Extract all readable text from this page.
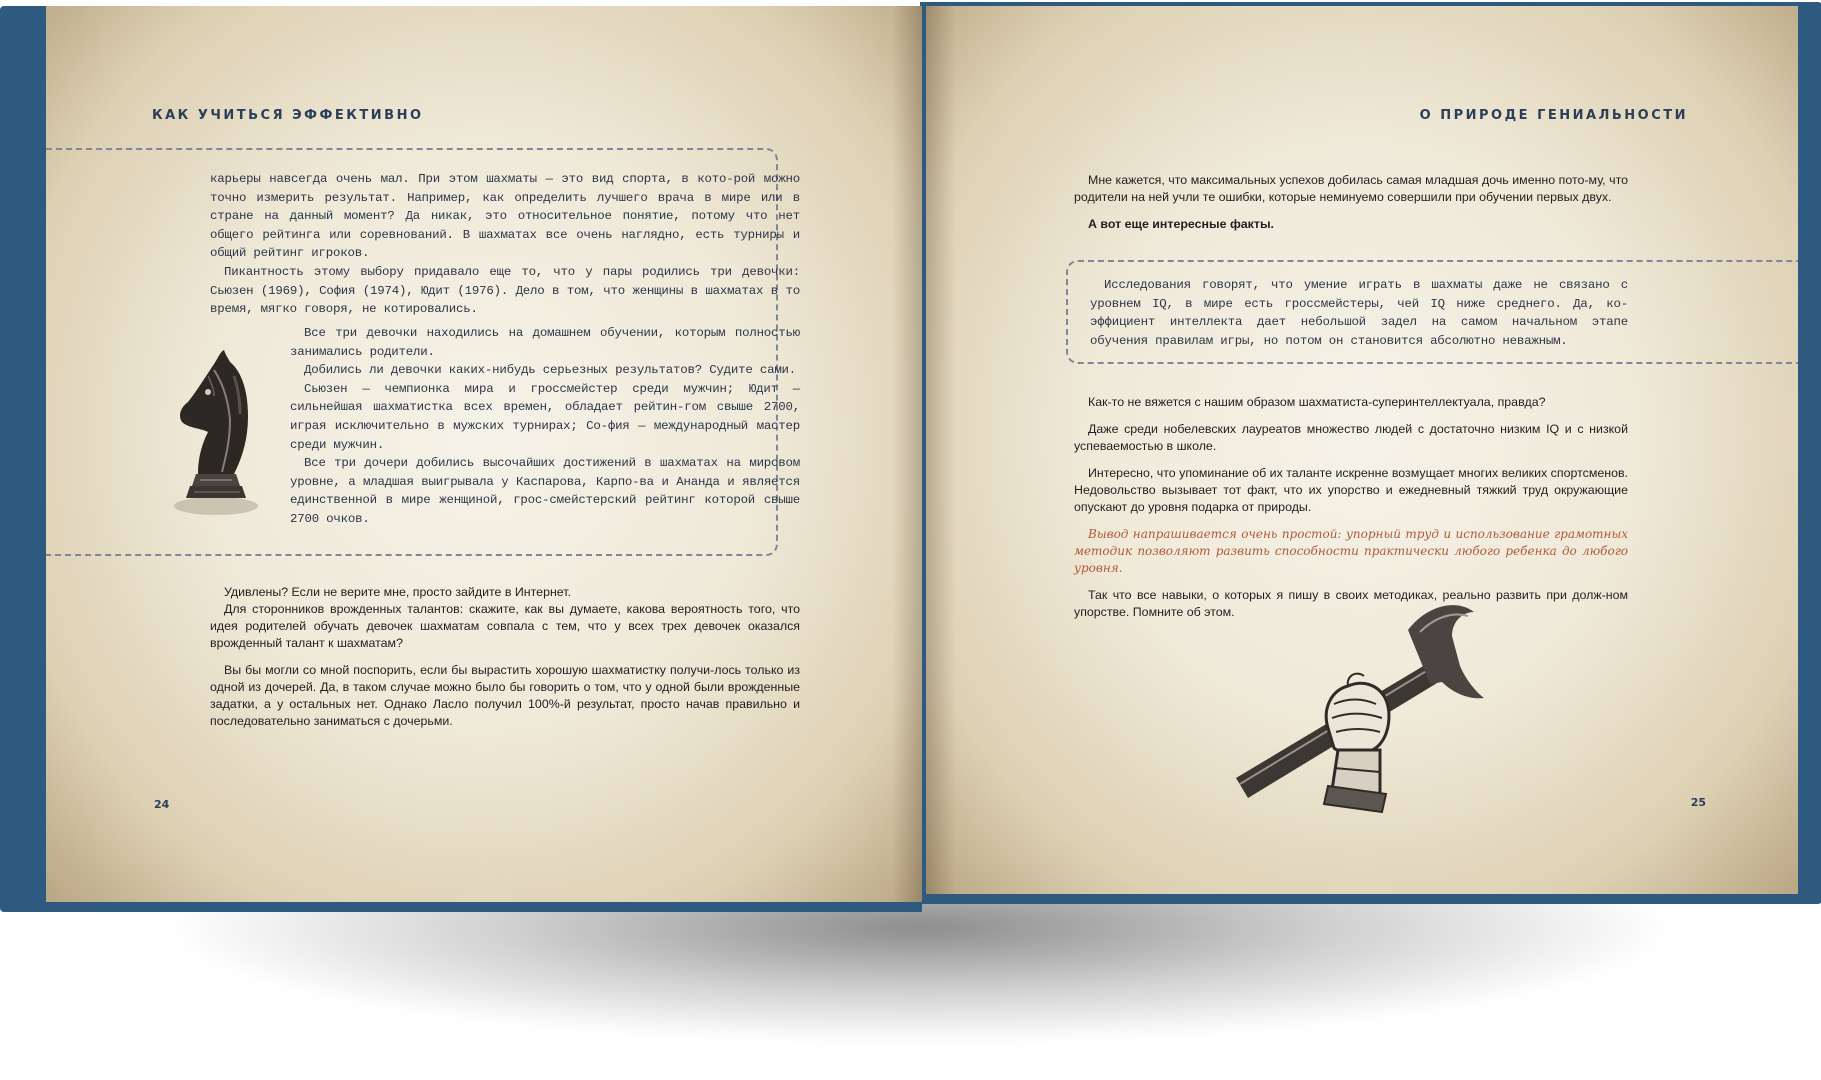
КАК УЧИТЬСЯ ЭФФЕКТИВНО

карьеры навсегда очень мал. При этом шахматы — это вид спорта, в кото-рой можно точно измерить результат. Например, как определить лучшего врача в мире или в стране на данный момент? Да никак, это относительное понятие, потому что нет общего рейтинга или соревнований. В шахматах все очень наглядно, есть турниры и общий рейтинг игроков.

Пикантность этому выбору придавало еще то, что у пары родились три девочки: Сьюзен (1969), София (1974), Юдит (1976). Дело в том, что женщины в шахматах в то время, мягко говоря, не котировались.

Все три девочки находились на домашнем обучении, которым полностью занимались родители.

Добились ли девочки каких-нибудь серьезных результатов? Судите сами.

Сьюзен — чемпионка мира и гроссмейстер среди мужчин; Юдит — сильнейшая шахматистка всех времен, обладает рейтин-гом свыше 2700, играя исключительно в мужских турнирах; Со-фия — международный мастер среди мужчин.

Все три дочери добились высочайших достижений в шахматах на мировом уровне, а младшая выигрывала у Каспарова, Карпо-ва и Ананда и является единственной в мире женщиной, грос-смейстерский рейтинг которой свыше 2700 очков.

Удивлены? Если не верите мне, просто зайдите в Интернет.

Для сторонников врожденных талантов: скажите, как вы думаете, какова вероятность того, что идея родителей обучать девочек шахматам совпала с тем, что у всех трех девочек оказался врожденный талант к шахматам?

Вы бы могли со мной поспорить, если бы вырастить хорошую шахматистку получи-лось только из одной из дочерей. Да, в таком случае можно было бы говорить о том, что у одной были врожденные задатки, а у остальных нет. Однако Ласло получил 100%-й результат, просто начав правильно и последовательно заниматься с дочерьми.

24
О ПРИРОДЕ ГЕНИАЛЬНОСТИ

Мне кажется, что максимальных успехов добилась самая младшая дочь именно пото-му, что родители на ней учли те ошибки, которые неминуемо совершили при обучении первых двух.

А вот еще интересные факты.

Исследования говорят, что умение играть в шахматы даже не связано с уровнем IQ, в мире есть гроссмейстеры, чей IQ ниже среднего. Да, ко-эффициент интеллекта дает небольшой задел на самом начальном этапе обучения правилам игры, но потом он становится абсолютно неважным.

Как-то не вяжется с нашим образом шахматиста-суперинтеллектуала, правда?

Даже среди нобелевских лауреатов множество людей с достаточно низким IQ и с низкой успеваемостью в школе.

Интересно, что упоминание об их таланте искренне возмущает многих великих спортсменов. Недовольство вызывает тот факт, что их упорство и ежедневный тяжкий труд окружающие опускают до уровня подарка от природы.

Вывод напрашивается очень простой: упорный труд и использование грамотных методик позволяют развить способности практически любого ребенка до любого уровня.

Так что все навыки, о которых я пишу в своих методиках, реально развить при долж-ном упорстве. Помните об этом.

25
